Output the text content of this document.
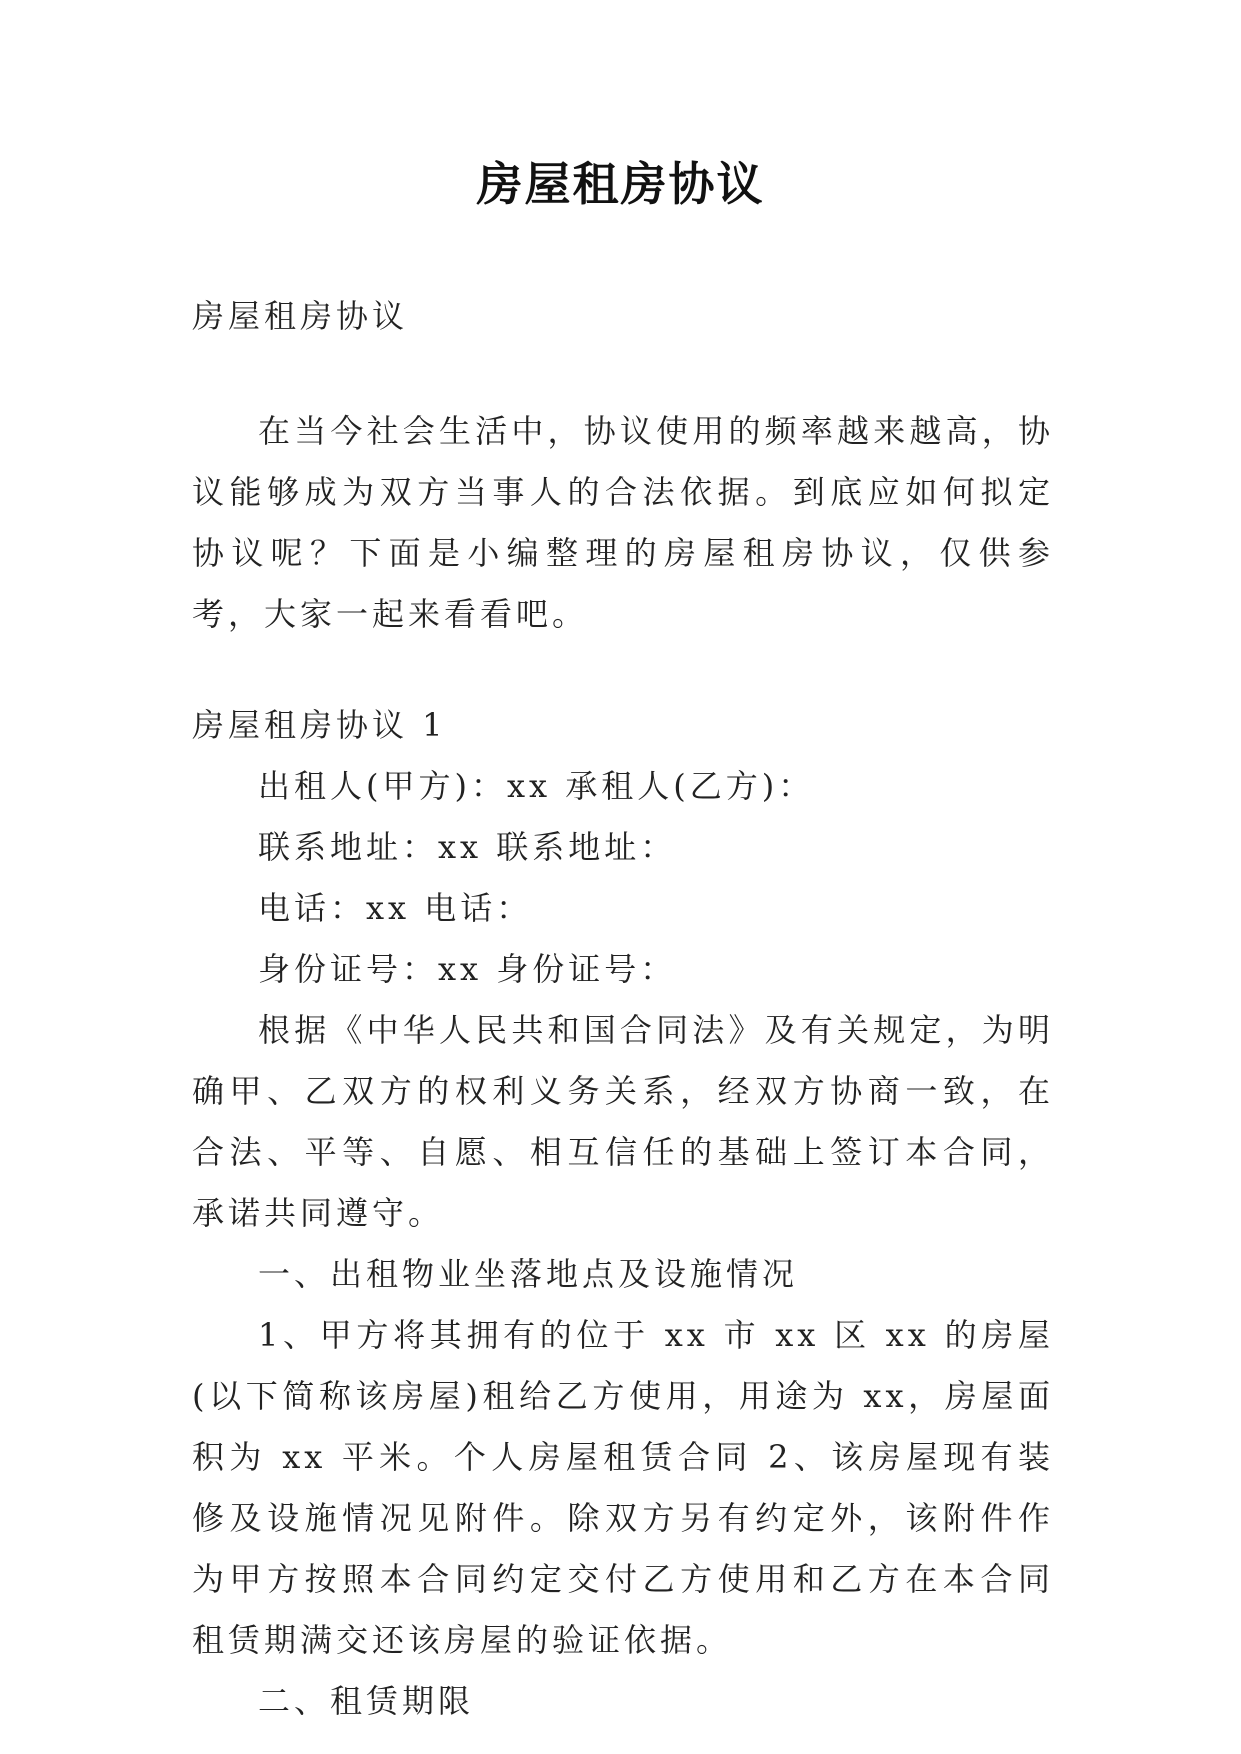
房屋租房协议

房屋租房协议

在当今社会生活中，协议使用的频率越来越高，协议能够成为双方当事人的合法依据。到底应如何拟定协议呢？下面是小编整理的房屋租房协议，仅供参考，大家一起来看看吧。

房屋租房协议 1

出租人(甲方)：xx 承租人(乙方)：

联系地址：xx 联系地址：

电话：xx 电话：

身份证号：xx 身份证号：

根据《中华人民共和国合同法》及有关规定，为明确甲、乙双方的权利义务关系，经双方协商一致，在合法、平等、自愿、相互信任的基础上签订本合同，承诺共同遵守。

一、出租物业坐落地点及设施情况

1、甲方将其拥有的位于 xx 市 xx 区 xx 的房屋(以下简称该房屋)租给乙方使用，用途为 xx，房屋面积为 xx 平米。个人房屋租赁合同 2、该房屋现有装修及设施情况见附件。除双方另有约定外，该附件作为甲方按照本合同约定交付乙方使用和乙方在本合同租赁期满交还该房屋的验证依据。

二、租赁期限
